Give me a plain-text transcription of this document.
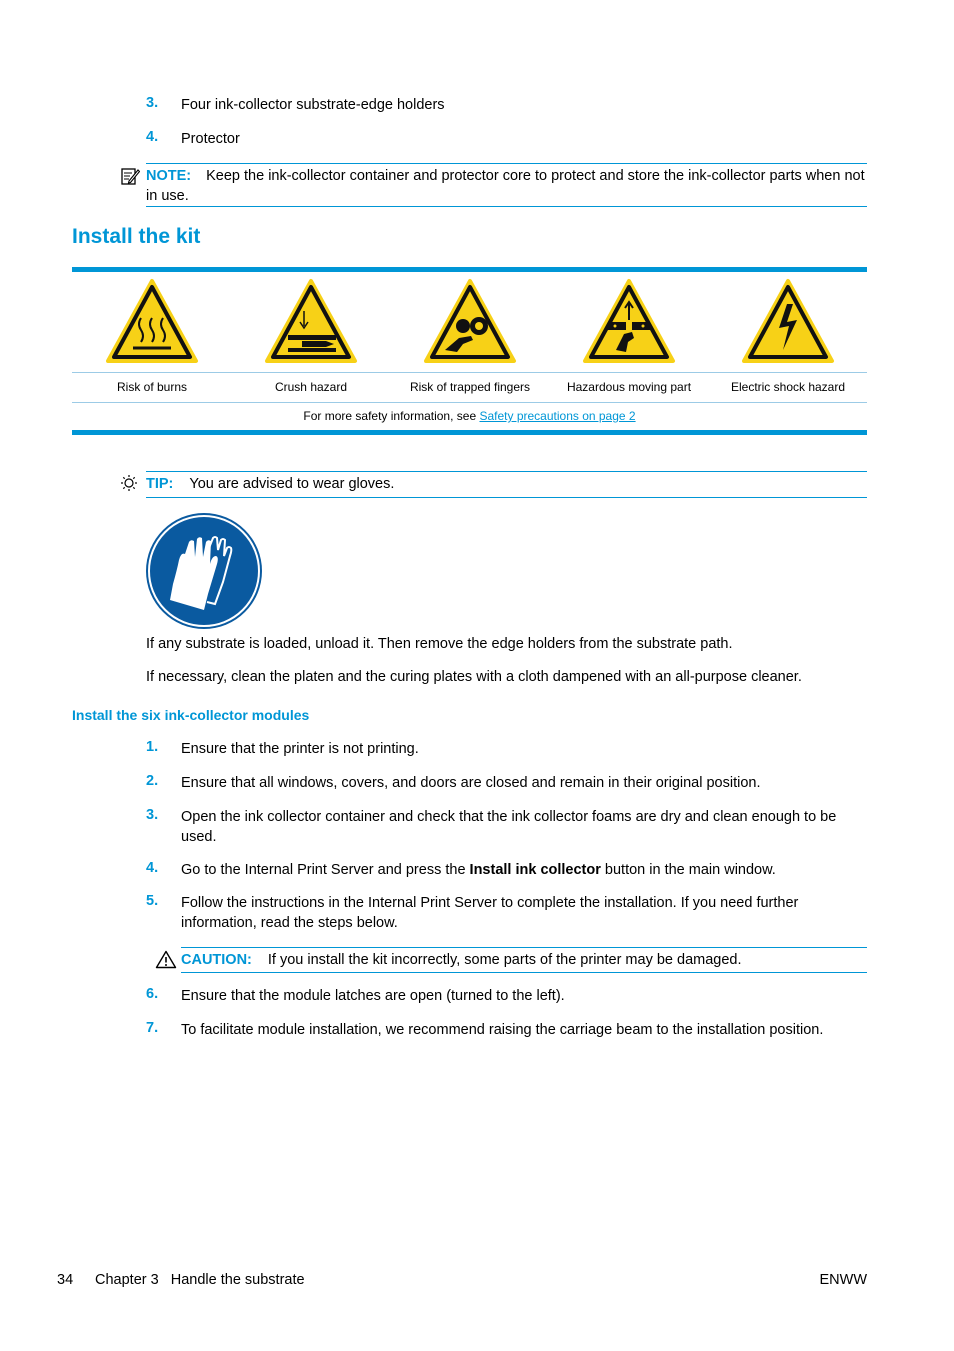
3. Four ink-collector substrate-edge holders
4. Protector
NOTE: Keep the ink-collector container and protector core to protect and store the ink-collector parts when not in use.
Install the kit
Risk of burns	Crush hazard	Risk of trapped fingers	Hazardous moving part	Electric shock hazard
For more safety information, see Safety precautions on page 2
TIP: You are advised to wear gloves.

If any substrate is loaded, unload it. Then remove the edge holders from the substrate path.

If necessary, clean the platen and the curing plates with a cloth dampened with an all-purpose cleaner.

Install the six ink-collector modules
1. Ensure that the printer is not printing.
2. Ensure that all windows, covers, and doors are closed and remain in their original position.
3. Open the ink collector container and check that the ink collector foams are dry and clean enough to be used.
4. Go to the Internal Print Server and press the Install ink collector button in the main window.
5. Follow the instructions in the Internal Print Server to complete the installation. If you need further information, read the steps below.
CAUTION: If you install the kit incorrectly, some parts of the printer may be damaged.
6. Ensure that the module latches are open (turned to the left).
7. To facilitate module installation, we recommend raising the carriage beam to the installation position.
34 Chapter 3   Handle the substrate	ENWW
